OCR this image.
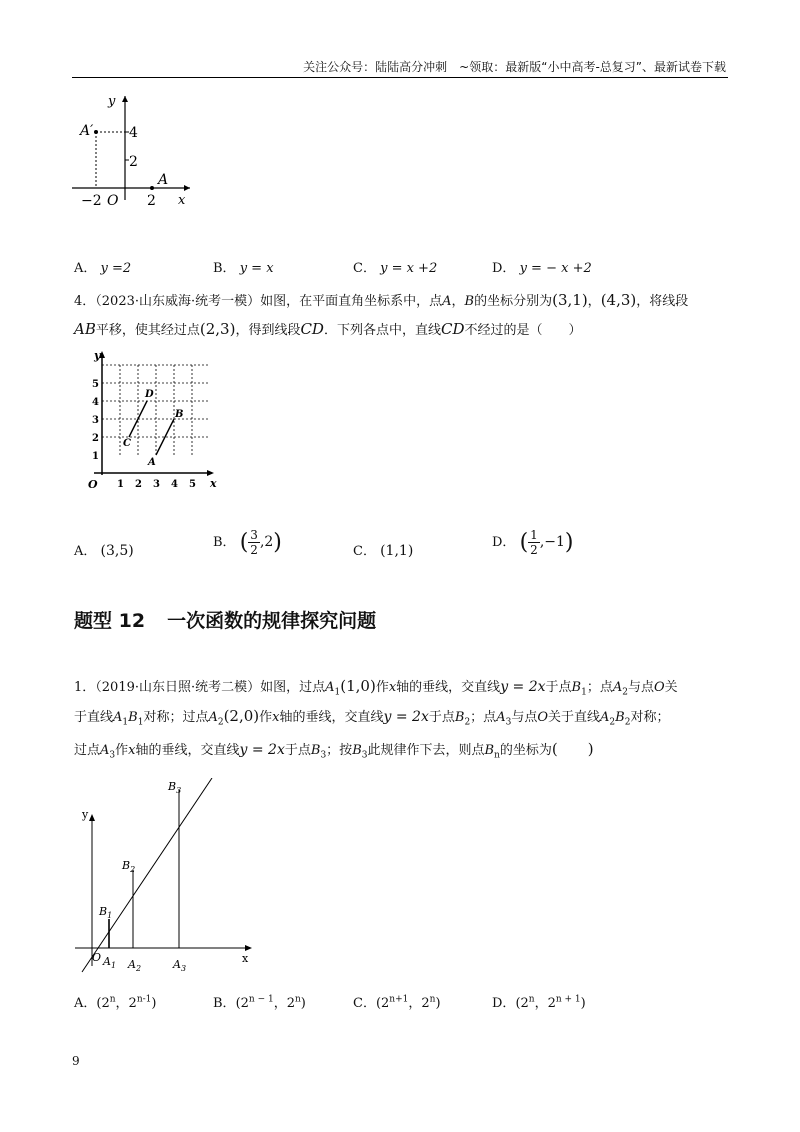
关注公众号：陆陆高分冲刺　~领取：最新版“小中高考-总复习”、最新试卷下载
y
x
A′
A
4
2
−2 O 2
A． y =2	B． y = x	C． y = x +2	D． y = − x +2
4．（2023·山东威海·统考一模）如图，在平面直角坐标系中，点A，B的坐标分别为(3,1)，(4,3)，将线段
AB平移，使其经过点(2,3)，得到线段CD．下列各点中，直线CD不经过的是（　　）
y
x
O 1 2 3 4 5
1
2
3
4
5
A
B
C
D
A． (3,5)
B． ( $\frac{3}{2} ,2$)	C． (1,1)
D． ( $\frac{1}{2} ,-1$)
题型 12 一次函数的规律探究问题
1．（2019·山东日照·统考二模）如图，过点$A_1(1,0)$作x轴的垂线，交直线y = 2x于点$B_1$；点$A_2$与点O关
于直线$A_1B_1$对称；过点$A_2(2,0)$作x轴的垂线，交直线y = 2x于点$B_2$；点$A_3$与点O关于直线$A_2B_2$对称；
过点$A_3$作x轴的垂线，交直线y = 2x于点$B_3$；按$B_3$此规律作下去，则点$B_n$的坐标为(　　)
y
x
O $A_1$ $A_2$	$A_3$
$B_1$
$B_2$
$B_3$
A．(2$^n$，2$^{n-1}$)	B．($2^{n - 1}$，2$^n$)	C．($2^{n+1}$，2$^n$)	D．(2$^n$，$2^{n + 1}$)
9
